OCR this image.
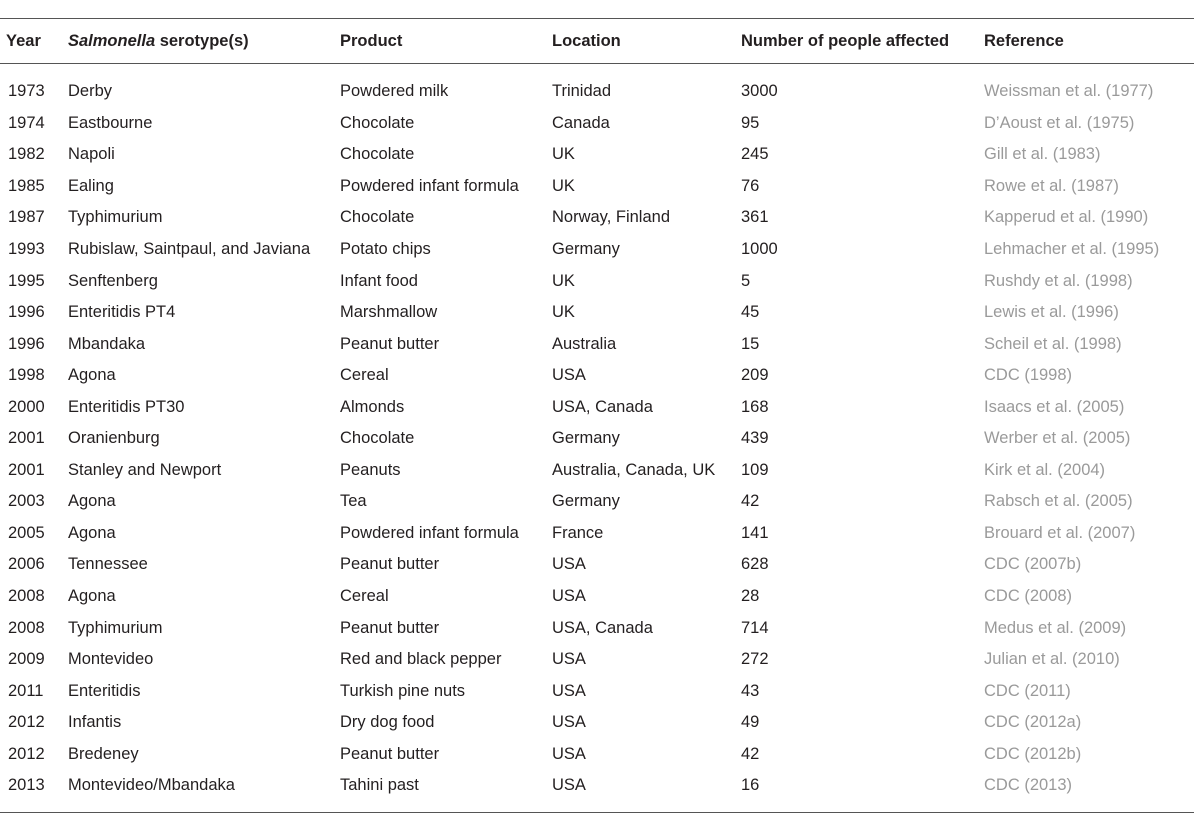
Year	Salmonella serotype(s)	Product	Location	Number of people affected	Reference
1973	Derby	Powdered milk	Trinidad	3000	Weissman et al. (1977)
1974	Eastbourne	Chocolate	Canada	95	D’Aoust et al. (1975)
1982	Napoli	Chocolate	UK	245	Gill et al. (1983)
1985	Ealing	Powdered infant formula	UK	76	Rowe et al. (1987)
1987	Typhimurium	Chocolate	Norway, Finland	361	Kapperud et al. (1990)
1993	Rubislaw, Saintpaul, and Javiana	Potato chips	Germany	1000	Lehmacher et al. (1995)
1995	Senftenberg	Infant food	UK	5	Rushdy et al. (1998)
1996	Enteritidis PT4	Marshmallow	UK	45	Lewis et al. (1996)
1996	Mbandaka	Peanut butter	Australia	15	Scheil et al. (1998)
1998	Agona	Cereal	USA	209	CDC (1998)
2000	Enteritidis PT30	Almonds	USA, Canada	168	Isaacs et al. (2005)
2001	Oranienburg	Chocolate	Germany	439	Werber et al. (2005)
2001	Stanley and Newport	Peanuts	Australia, Canada, UK	109	Kirk et al. (2004)
2003	Agona	Tea	Germany	42	Rabsch et al. (2005)
2005	Agona	Powdered infant formula	France	141	Brouard et al. (2007)
2006	Tennessee	Peanut butter	USA	628	CDC (2007b)
2008	Agona	Cereal	USA	28	CDC (2008)
2008	Typhimurium	Peanut butter	USA, Canada	714	Medus et al. (2009)
2009	Montevideo	Red and black pepper	USA	272	Julian et al. (2010)
2011	Enteritidis	Turkish pine nuts	USA	43	CDC (2011)
2012	Infantis	Dry dog food	USA	49	CDC (2012a)
2012	Bredeney	Peanut butter	USA	42	CDC (2012b)
2013	Montevideo/Mbandaka	Tahini past	USA	16	CDC (2013)
